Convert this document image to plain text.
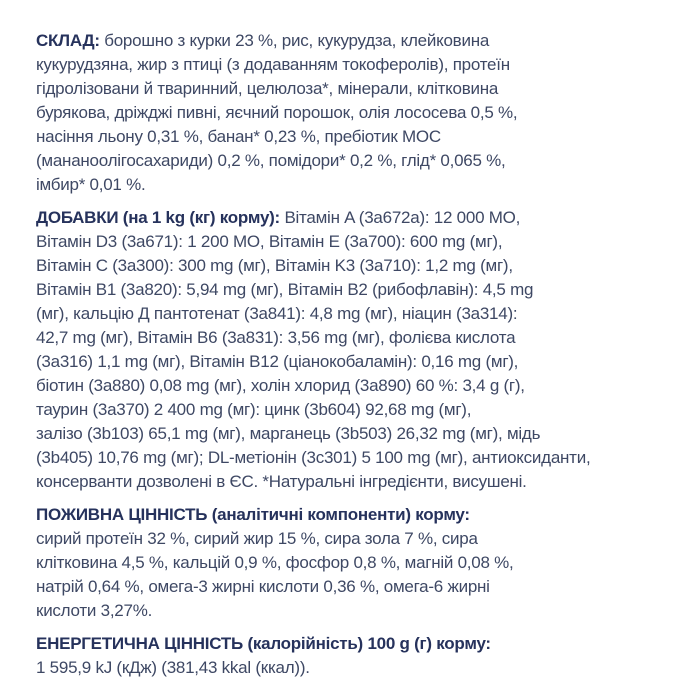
СКЛАД: борошно з курки 23 %, рис, кукурудза, клейковина
кукурудзяна, жир з птиці (з додаванням токоферолів), протеїн
гідролізовани й тваринний, целюлоза*, мінерали, клітковина
бурякова, дріжджі пивні, яєчний порошок, олія лососева 0,5 %,
насіння льону 0,31 %, банан* 0,23 %, пребіотик МОС
(мананоолігосахариди) 0,2 %, помідори* 0,2 %, глід* 0,065 %,
імбир* 0,01 %.
ДОБАВКИ (на 1 kg (кг) корму): Вітамін A (3a672a): 12 000 МО,
Вітамін D3 (3a671): 1 200 МО, Вітамін E (3a700): 600 mg (мг),
Вітамін C (3a300): 300 mg (мг), Вітамін K3 (3a710): 1,2 mg (мг),
Вітамін B1 (3a820): 5,94 mg (мг), Вітамін B2 (рибофлавін): 4,5 mg
(мг), кальцію Д пантотенат (3a841): 4,8 mg (мг), ніацин (3a314):
42,7 mg (мг), Вітамін B6 (3a831): 3,56 mg (мг), фолієва кислота
(3a316) 1,1 mg (мг), Вітамін B12 (ціанокобаламін): 0,16 mg (мг),
біотин (3a880) 0,08 mg (мг), холін хлорид (3a890) 60 %: 3,4 g (г),
таурин (3a370) 2 400 mg (мг): цинк (3b604) 92,68 mg (мг),
залізо (3b103) 65,1 mg (мг), марганець (3b503) 26,32 mg (мг), мідь
(3b405) 10,76 mg (мг); DL-метіонін (3c301) 5 100 mg (мг), антиоксиданти,
консерванти дозволені в ЄС. *Натуральні інгредієнти, висушені.
ПОЖИВНА ЦІННІСТЬ (аналітичні компоненти) корму:
сирий протеїн 32 %, сирий жир 15 %, сира зола 7 %, сира
клітковина 4,5 %, кальцій 0,9 %, фосфор 0,8 %, магній 0,08 %,
натрій 0,64 %, омега-3 жирні кислоти 0,36 %, омега-6 жирні
кислоти 3,27%.
ЕНЕРГЕТИЧНА ЦІННІСТЬ (калорійність) 100 g (г) корму:
1 595,9 kJ (кДж) (381,43 kkal (ккал)).
